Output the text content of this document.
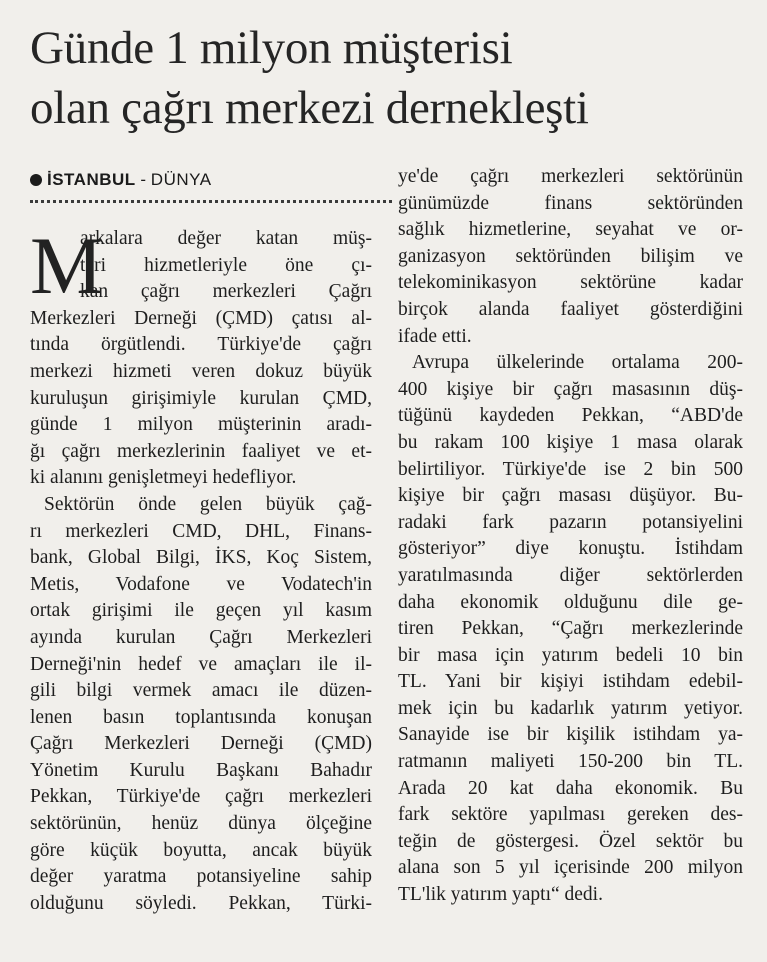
Günde 1 milyon müşterisi
olan çağrı merkezi dernekleşti
İSTANBUL - DÜNYA
M
arkalara değer katan müş-
teri hizmetleriyle öne çı-
kan çağrı merkezleri Çağrı
Merkezleri Derneği (ÇMD) çatısı al-
tında örgütlendi. Türkiye'de çağrı
merkezi hizmeti veren dokuz büyük
kuruluşun girişimiyle kurulan ÇMD,
günde 1 milyon müşterinin aradı-
ğı çağrı merkezlerinin faaliyet ve et-
ki alanını genişletmeyi hedefliyor.
Sektörün önde gelen büyük çağ-
rı merkezleri CMD, DHL, Finans-
bank, Global Bilgi, İKS, Koç Sistem,
Metis, Vodafone ve Vodatech'in
ortak girişimi ile geçen yıl kasım
ayında kurulan Çağrı Merkezleri
Derneği'nin hedef ve amaçları ile il-
gili bilgi vermek amacı ile düzen-
lenen basın toplantısında konuşan
Çağrı Merkezleri Derneği (ÇMD)
Yönetim Kurulu Başkanı Bahadır
Pekkan, Türkiye'de çağrı merkezleri
sektörünün, henüz dünya ölçeğine
göre küçük boyutta, ancak büyük
değer yaratma potansiyeline sahip
olduğunu söyledi. Pekkan, Türki-
ye'de çağrı merkezleri sektörünün
günümüzde finans sektöründen
sağlık hizmetlerine, seyahat ve or-
ganizasyon sektöründen bilişim ve
telekominikasyon sektörüne kadar
birçok alanda faaliyet gösterdiğini
ifade etti.
Avrupa ülkelerinde ortalama 200-
400 kişiye bir çağrı masasının düş-
tüğünü kaydeden Pekkan, “ABD'de
bu rakam 100 kişiye 1 masa olarak
belirtiliyor. Türkiye'de ise 2 bin 500
kişiye bir çağrı masası düşüyor. Bu-
radaki fark pazarın potansiyelini
gösteriyor” diye konuştu. İstihdam
yaratılmasında diğer sektörlerden
daha ekonomik olduğunu dile ge-
tiren Pekkan, “Çağrı merkezlerinde
bir masa için yatırım bedeli 10 bin
TL. Yani bir kişiyi istihdam edebil-
mek için bu kadarlık yatırım yetiyor.
Sanayide ise bir kişilik istihdam ya-
ratmanın maliyeti 150-200 bin TL.
Arada 20 kat daha ekonomik. Bu
fark sektöre yapılması gereken des-
teğin de göstergesi. Özel sektör bu
alana son 5 yıl içerisinde 200 milyon
TL'lik yatırım yaptı“ dedi.
